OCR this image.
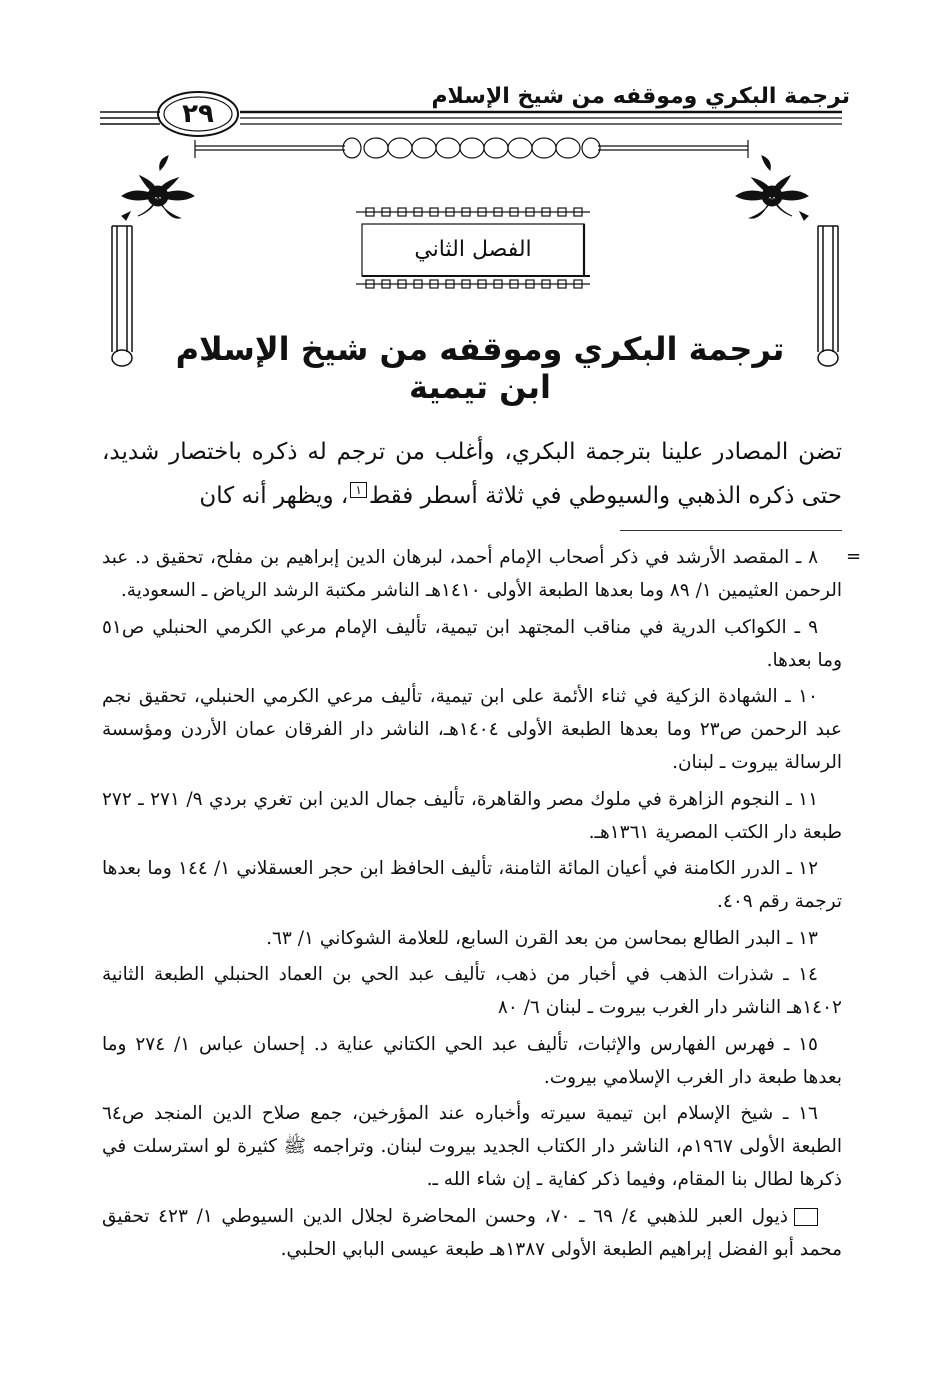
ترجمة البكري وموقفه من شيخ الإسلام
٢٩
الفصل الثاني
ترجمة البكري وموقفه من شيخ الإسلام ابن تيمية
تضن المصادر علينا بترجمة البكري، وأغلب من ترجم له ذكره باختصار شديد، حتى ذكره الذهبي والسيوطي في ثلاثة أسطر فقط١، ويظهر أنه كان
=

٨ ـ المقصد الأرشد في ذكر أصحاب الإمام أحمد، لبرهان الدين إبراهيم بن مفلح، تحقيق د. عبد الرحمن العثيمين ١/ ٨٩ وما بعدها الطبعة الأولى ١٤١٠هـ الناشر مكتبة الرشد الرياض ـ السعودية.

٩ ـ الكواكب الدرية في مناقب المجتهد ابن تيمية، تأليف الإمام مرعي الكرمي الحنبلي ص٥١ وما بعدها.

١٠ ـ الشهادة الزكية في ثناء الأئمة على ابن تيمية، تأليف مرعي الكرمي الحنبلي، تحقيق نجم عبد الرحمن ص٢٣ وما بعدها الطبعة الأولى ١٤٠٤هـ، الناشر دار الفرقان عمان الأردن ومؤسسة الرسالة بيروت ـ لبنان.

١١ ـ النجوم الزاهرة في ملوك مصر والقاهرة، تأليف جمال الدين ابن تغري بردي ٩/ ٢٧١ ـ ٢٧٢ طبعة دار الكتب المصرية ١٣٦١هـ.

١٢ ـ الدرر الكامنة في أعيان المائة الثامنة، تأليف الحافظ ابن حجر العسقلاني ١/ ١٤٤ وما بعدها ترجمة رقم ٤٠٩.

١٣ ـ البدر الطالع بمحاسن من بعد القرن السابع، للعلامة الشوكاني ١/ ٦٣.

١٤ ـ شذرات الذهب في أخبار من ذهب، تأليف عبد الحي بن العماد الحنبلي الطبعة الثانية ١٤٠٢هـ الناشر دار الغرب بيروت ـ لبنان ٦/ ٨٠

١٥ ـ فهرس الفهارس والإثبات، تأليف عبد الحي الكتاني عناية د. إحسان عباس ١/ ٢٧٤ وما بعدها طبعة دار الغرب الإسلامي بيروت.

١٦ ـ شيخ الإسلام ابن تيمية سيرته وأخباره عند المؤرخين، جمع صلاح الدين المنجد ص٦٤ الطبعة الأولى ١٩٦٧م، الناشر دار الكتاب الجديد بيروت لبنان. وتراجمه ﷺ كثيرة لو استرسلت في ذكرها لطال بنا المقام، وفيما ذكر كفاية ـ إن شاء الله ـ.

ذيول العبر للذهبي ٤/ ٦٩ ـ ٧٠، وحسن المحاضرة لجلال الدين السيوطي ١/ ٤٢٣ تحقيق محمد أبو الفضل إبراهيم الطبعة الأولى ١٣٨٧هـ طبعة عيسى البابي الحلبي.
